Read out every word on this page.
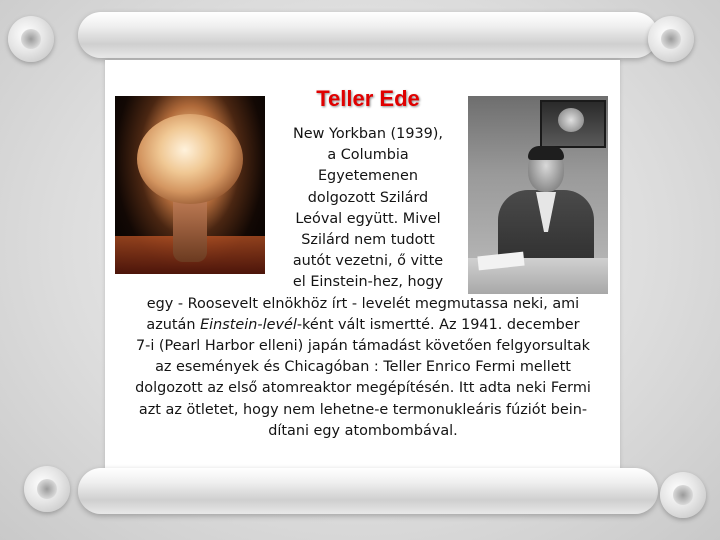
Teller Ede
New Yorkban (1939),
a Columbia
Egyetemenen
dolgozott Szilárd
Leóval együtt. Mivel
Szilárd nem tudott
autót vezetni, ő vitte
el Einstein-hez, hogy
egy - Roosevelt elnökhöz írt - levelét megmutassa neki, ami
azután Einstein-levél-ként vált ismertté. Az 1941. december
7-i (Pearl Harbor elleni) japán támadást követően felgyorsultak
az események és Chicagóban : Teller Enrico Fermi mellett
dolgozott az első atomreaktor megépítésén. Itt adta neki Fermi
azt az ötletet, hogy nem lehetne-e termonukleáris fúziót bein-
dítani egy atombombával.
